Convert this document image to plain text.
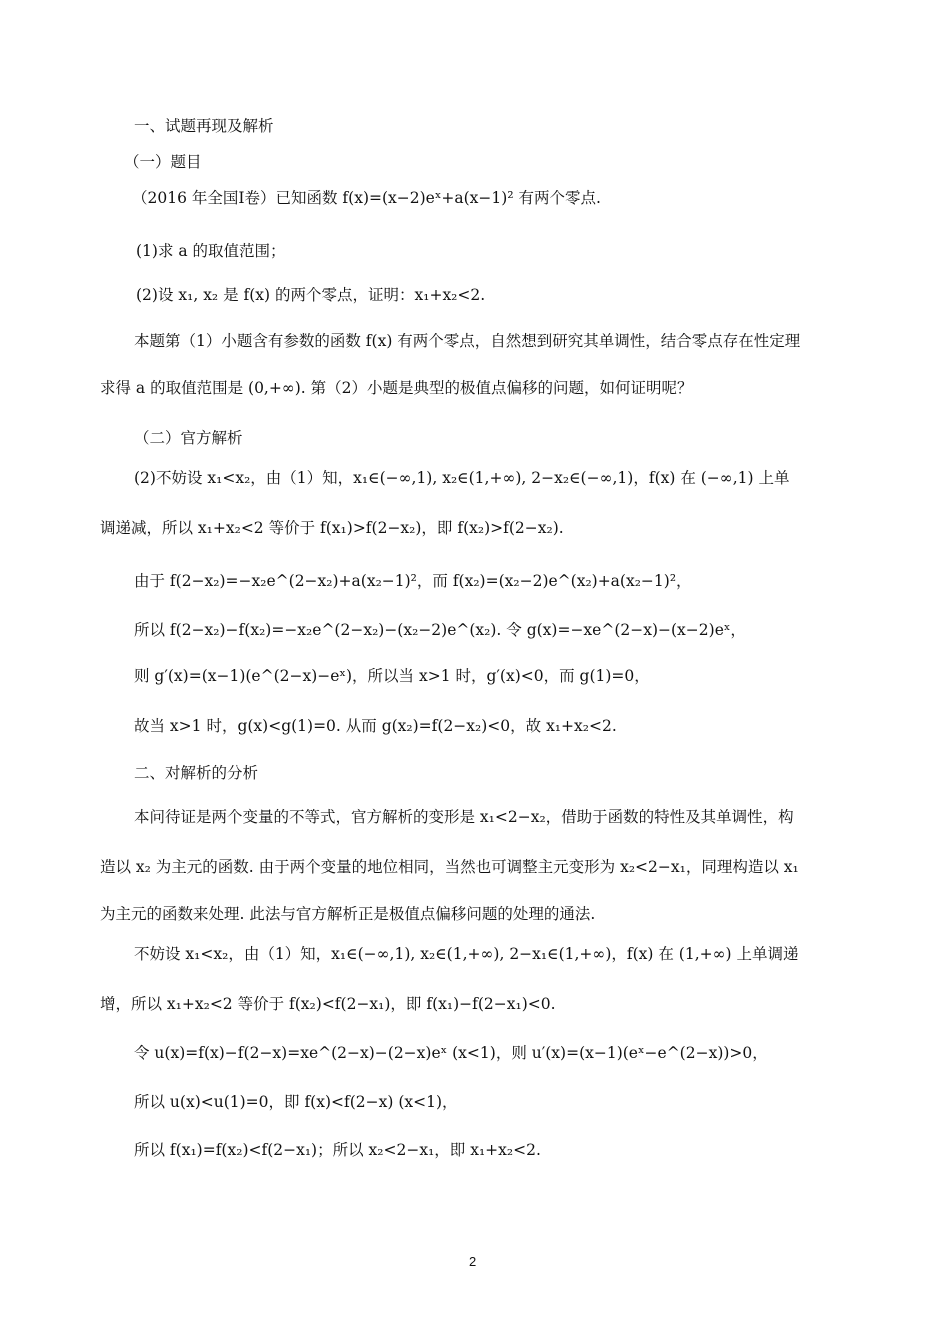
一、试题再现及解析
（一）题目
（2016 年全国Ⅰ卷）已知函数 f(x)=(x−2)eˣ+a(x−1)² 有两个零点.
(1)求 a 的取值范围；
(2)设 x₁, x₂ 是 f(x) 的两个零点，证明：x₁+x₂<2.
本题第（1）小题含有参数的函数 f(x) 有两个零点，自然想到研究其单调性，结合零点存在性定理
求得 a 的取值范围是 (0,+∞). 第（2）小题是典型的极值点偏移的问题，如何证明呢？
（二）官方解析
(2)不妨设 x₁<x₂，由（1）知，x₁∈(−∞,1), x₂∈(1,+∞), 2−x₂∈(−∞,1)，f(x) 在 (−∞,1) 上单
调递减，所以 x₁+x₂<2 等价于 f(x₁)>f(2−x₂)，即 f(x₂)>f(2−x₂).
由于 f(2−x₂)=−x₂e^(2−x₂)+a(x₂−1)²，而 f(x₂)=(x₂−2)e^(x₂)+a(x₂−1)²，
所以 f(2−x₂)−f(x₂)=−x₂e^(2−x₂)−(x₂−2)e^(x₂). 令 g(x)=−xe^(2−x)−(x−2)eˣ，
则 g′(x)=(x−1)(e^(2−x)−eˣ)，所以当 x>1 时，g′(x)<0，而 g(1)=0，
故当 x>1 时，g(x)<g(1)=0. 从而 g(x₂)=f(2−x₂)<0，故 x₁+x₂<2.
二、对解析的分析
本问待证是两个变量的不等式，官方解析的变形是 x₁<2−x₂，借助于函数的特性及其单调性，构
造以 x₂ 为主元的函数. 由于两个变量的地位相同，当然也可调整主元变形为 x₂<2−x₁，同理构造以 x₁
为主元的函数来处理. 此法与官方解析正是极值点偏移问题的处理的通法.
不妨设 x₁<x₂，由（1）知，x₁∈(−∞,1), x₂∈(1,+∞), 2−x₁∈(1,+∞)，f(x) 在 (1,+∞) 上单调递
增，所以 x₁+x₂<2 等价于 f(x₂)<f(2−x₁)，即 f(x₁)−f(2−x₁)<0.
令 u(x)=f(x)−f(2−x)=xe^(2−x)−(2−x)eˣ (x<1)，则 u′(x)=(x−1)(eˣ−e^(2−x))>0，
所以 u(x)<u(1)=0，即 f(x)<f(2−x) (x<1)，
所以 f(x₁)=f(x₂)<f(2−x₁)；所以 x₂<2−x₁，即 x₁+x₂<2.
2
